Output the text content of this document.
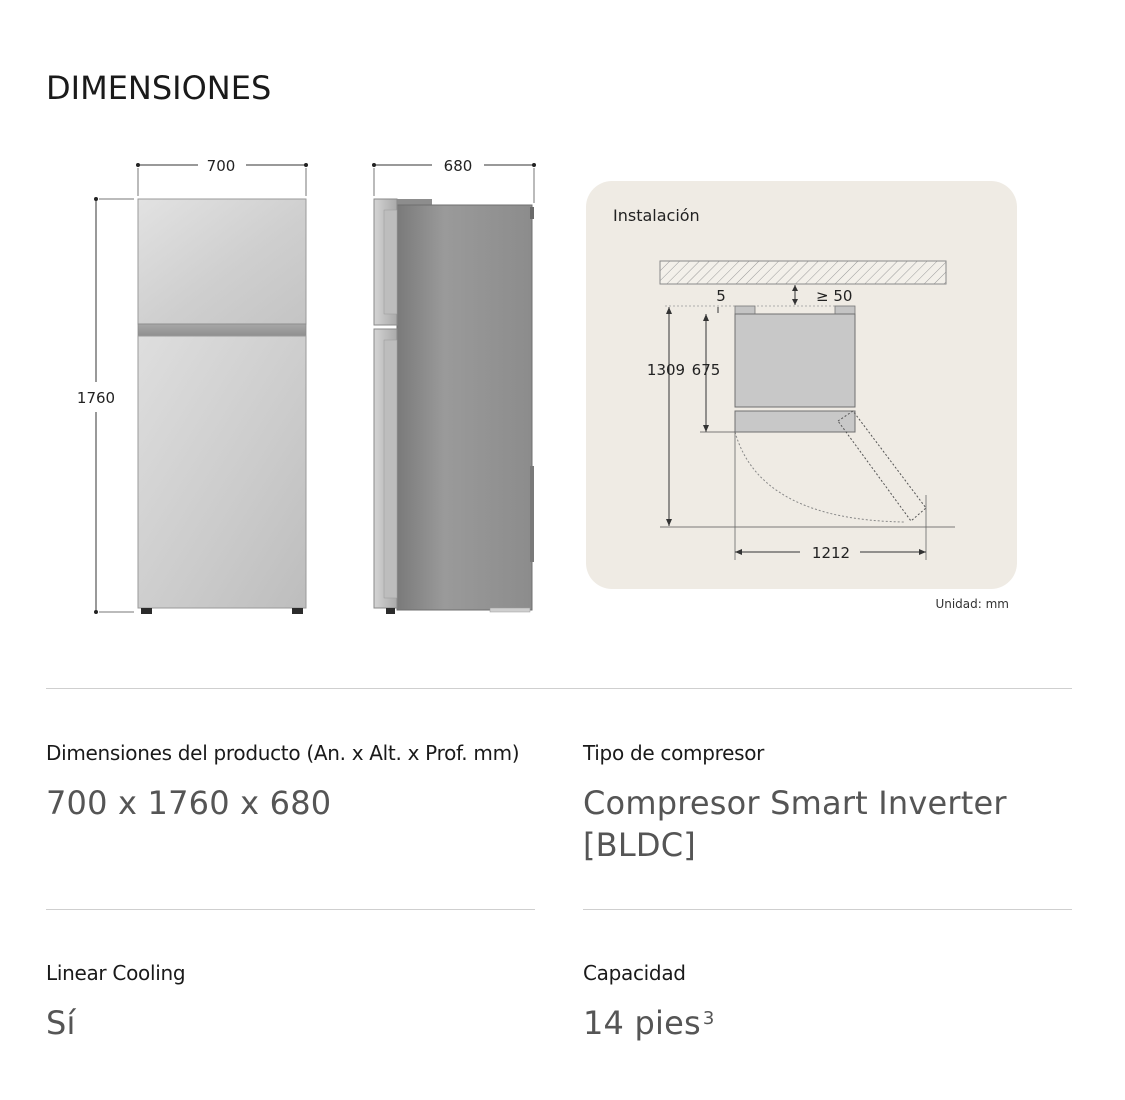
DIMENSIONES
700
1760
680
Instalación
≥ 50
5
1309 675
1212
Unidad: mm
Dimensiones del producto (An. x Alt. x Prof. mm)
700 x 1760 x 680
Tipo de compresor
Compresor Smart Inverter [BLDC]
Linear Cooling
Sí
Capacidad
14 pies $^3$
